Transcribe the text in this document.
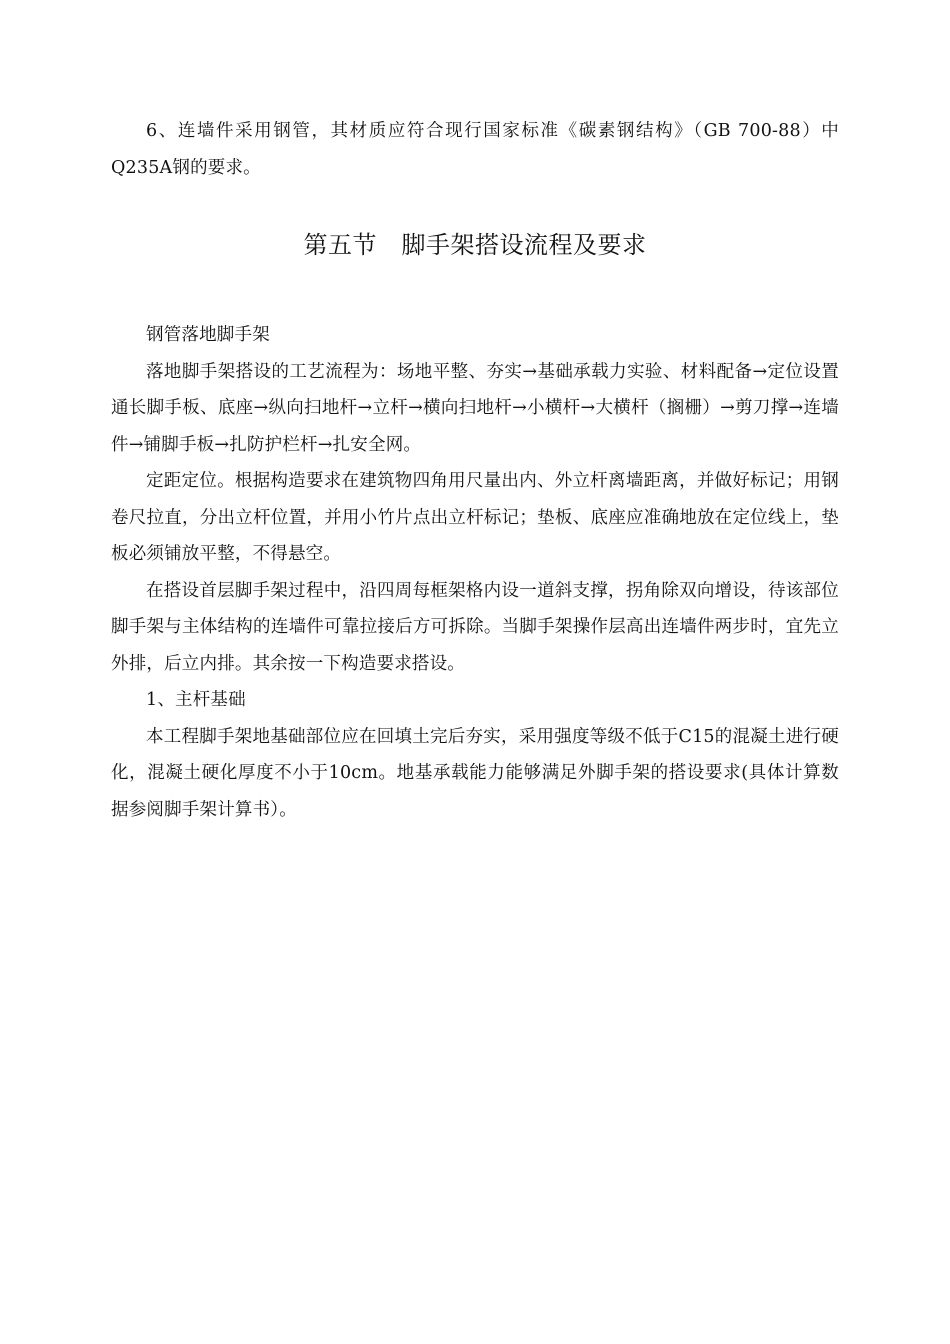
6、连墙件采用钢管，其材质应符合现行国家标准《碳素钢结构》（GB 700-88）中Q235A钢的要求。

第五节　脚手架搭设流程及要求

钢管落地脚手架

落地脚手架搭设的工艺流程为：场地平整、夯实→基础承载力实验、材料配备→定位设置通长脚手板、底座→纵向扫地杆→立杆→横向扫地杆→小横杆→大横杆（搁栅）→剪刀撑→连墙件→铺脚手板→扎防护栏杆→扎安全网。

定距定位。根据构造要求在建筑物四角用尺量出内、外立杆离墙距离，并做好标记；用钢卷尺拉直，分出立杆位置，并用小竹片点出立杆标记；垫板、底座应准确地放在定位线上，垫板必须铺放平整，不得悬空。

在搭设首层脚手架过程中，沿四周每框架格内设一道斜支撑，拐角除双向增设，待该部位脚手架与主体结构的连墙件可靠拉接后方可拆除。当脚手架操作层高出连墙件两步时，宜先立外排，后立内排。其余按一下构造要求搭设。

1、主杆基础

本工程脚手架地基础部位应在回填土完后夯实，采用强度等级不低于C15的混凝土进行硬化，混凝土硬化厚度不小于10cm。地基承载能力能够满足外脚手架的搭设要求(具体计算数据参阅脚手架计算书）。
